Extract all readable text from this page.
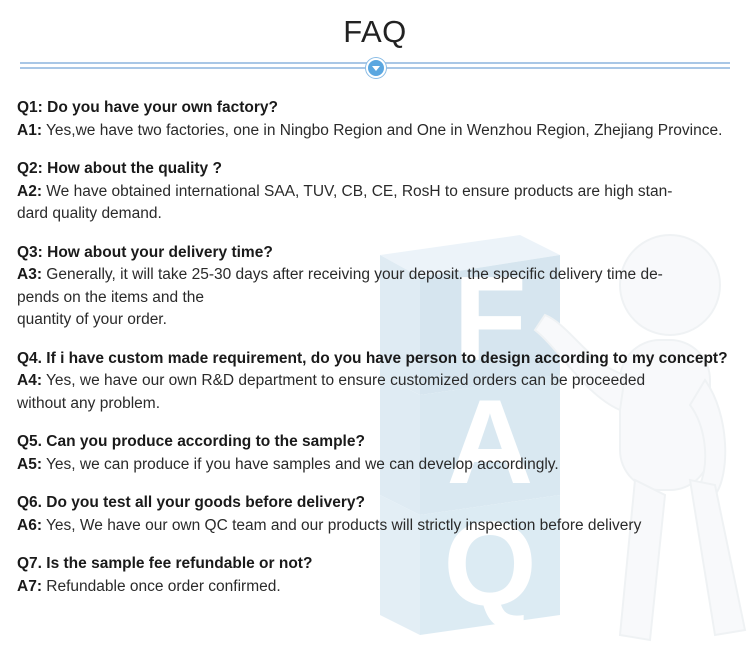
F
A
Q
FAQ
Q1: Do you have your own factory?
A1: Yes,we have two factories, one in Ningbo Region and One in Wenzhou Region, Zhejiang Province.
Q2: How about the quality ?
A2: We have obtained international SAA, TUV, CB, CE, RosH to ensure products are high stan-
dard quality demand.
Q3: How about your delivery time?
A3: Generally, it will take 25-30 days after receiving your deposit. the specific delivery time de-
pends on the items and the
quantity of your order.
Q4. If i have custom made requirement, do you have person to design according to my concept?
A4: Yes, we have our own R&D department to ensure customized orders can be proceeded
without any problem.
Q5. Can you produce according to the sample?
A5: Yes, we can produce if you have samples and we can develop accordingly.
Q6. Do you test all your goods before delivery?
A6: Yes, We have our own QC team and our products will strictly inspection before delivery
Q7. Is the sample fee refundable or not?
A7: Refundable once order confirmed.
